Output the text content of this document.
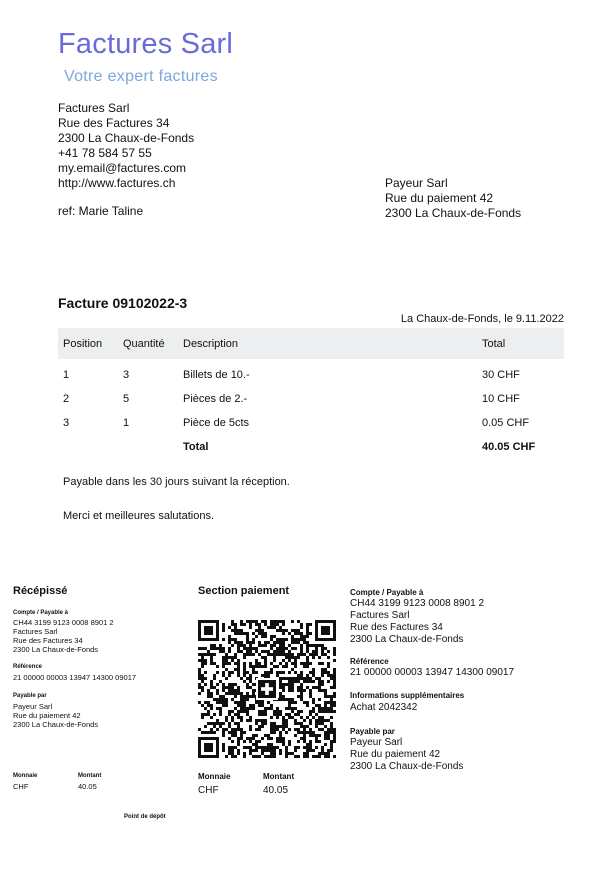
Factures Sarl
Votre expert factures
Factures Sarl
Rue des Factures 34
2300 La Chaux-de-Fonds
+41 78 584 57 55
my.email@factures.com
http://www.factures.ch
ref: Marie Taline
Payeur Sarl
Rue du paiement 42
2300 La Chaux-de-Fonds
Facture 09102022-3
La Chaux-de-Fonds, le 9.11.2022
Position	Quantité	Description	Total
1	3	Billets de 10.-	30 CHF
2	5	Pièces de 2.-	10 CHF
3	1	Pièce de 5cts	0.05 CHF
		Total	40.05 CHF
Payable dans les 30 jours suivant la réception.
Merci et meilleures salutations.
Récépissé
Compte / Payable à
CH44 3199 9123 0008 8901 2
Factures Sarl
Rue des Factures 34
2300 La Chaux-de-Fonds
Référence
21 00000 00003 13947 14300 09017
Payable par
Payeur Sarl
Rue du paiement 42
2300 La Chaux-de-Fonds
Monnaie
CHF
Montant
40.05
Point de dépôt
Section paiement
Monnaie
CHF
Montant
40.05
Compte / Payable à
CH44 3199 9123 0008 8901 2
Factures Sarl
Rue des Factures 34
2300 La Chaux-de-Fonds
Référence
21 00000 00003 13947 14300 09017
Informations supplémentaires
Achat 2042342
Payable par
Payeur Sarl
Rue du paiement 42
2300 La Chaux-de-Fonds
